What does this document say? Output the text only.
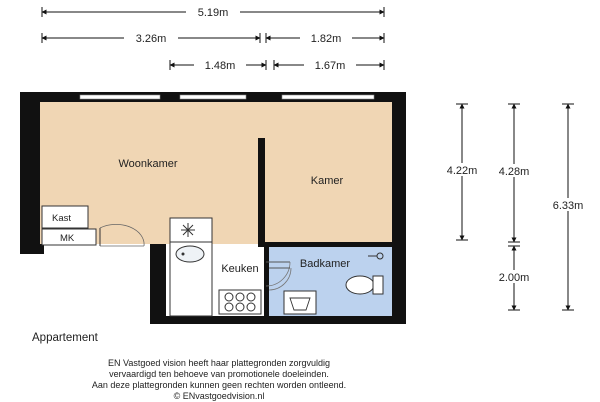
5.19m
3.26m	1.82m
1.48m	1.67m
4.22m 4.28m
2.00m
6.33m
Kast
MK
Woonkamer
Kamer
Keuken	Badkamer
Appartement
EN Vastgoed vision heeft haar plattegronden zorgvuldig
vervaardigd ten behoeve van promotionele doeleinden.
Aan deze plattegronden kunnen geen rechten worden ontleend.
© ENvastgoedvision.nl
